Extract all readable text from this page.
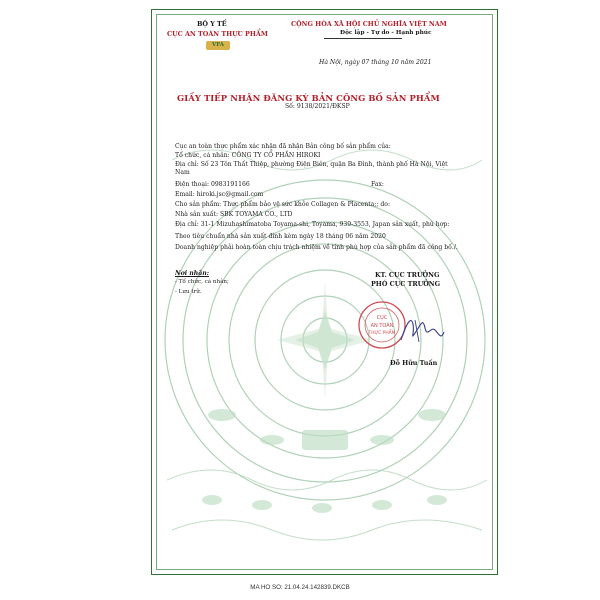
BỘ Y TẾ
CỤC AN TOÀN THỰC PHẨM
VFA
CỘNG HÒA XÃ HỘI CHỦ NGHĨA VIỆT NAM
Độc lập - Tự do - Hạnh phúc
Hà Nội, ngày 07 tháng 10 năm 2021
GIẤY TIẾP NHẬN ĐĂNG KÝ BẢN CÔNG BỐ SẢN PHẨM
Số: 9138/2021/ĐKSP
Cục an toàn thực phẩm xác nhận đã nhận Bản công bố sản phẩm của:
Tổ chức, cá nhân: CÔNG TY CỔ PHẦN HIROKI
Địa chỉ: Số 23 Tôn Thất Thiệp, phường Điện Biên, quận Ba Đình, thành phố Hà Nội, Việt
Nam
Điện thoại: 0983191166	Fax:
Email: hiroki.jsc@gmail.com
Cho sản phẩm: Thực phẩm bảo vệ sức khỏe Collagen & Placenta;; do:
Nhà sản xuất: SBK TOYAMA CO., LTD
Địa chỉ: 31-1 Mizuhashimatoba Toyama-shi, Toyama, 939-3553, Japan sản xuất, phù hợp:
Theo tiêu chuẩn nhà sản xuất đính kèm ngày 18 tháng 06 năm 2020
Doanh nghiệp phải hoàn toàn chịu trách nhiệm về tính phù hợp của sản phẩm đã công bố./.
Nơi nhận:
- Tổ chức, cá nhân;
- Lưu trữ.
KT. CỤC TRƯỞNG
PHÓ CỤC TRƯỞNG
CỤC
AN TOÀN
THỰC PHẨM
Đỗ Hữu Tuấn
MA HO SO: 21.04.24.142839.DKCB
